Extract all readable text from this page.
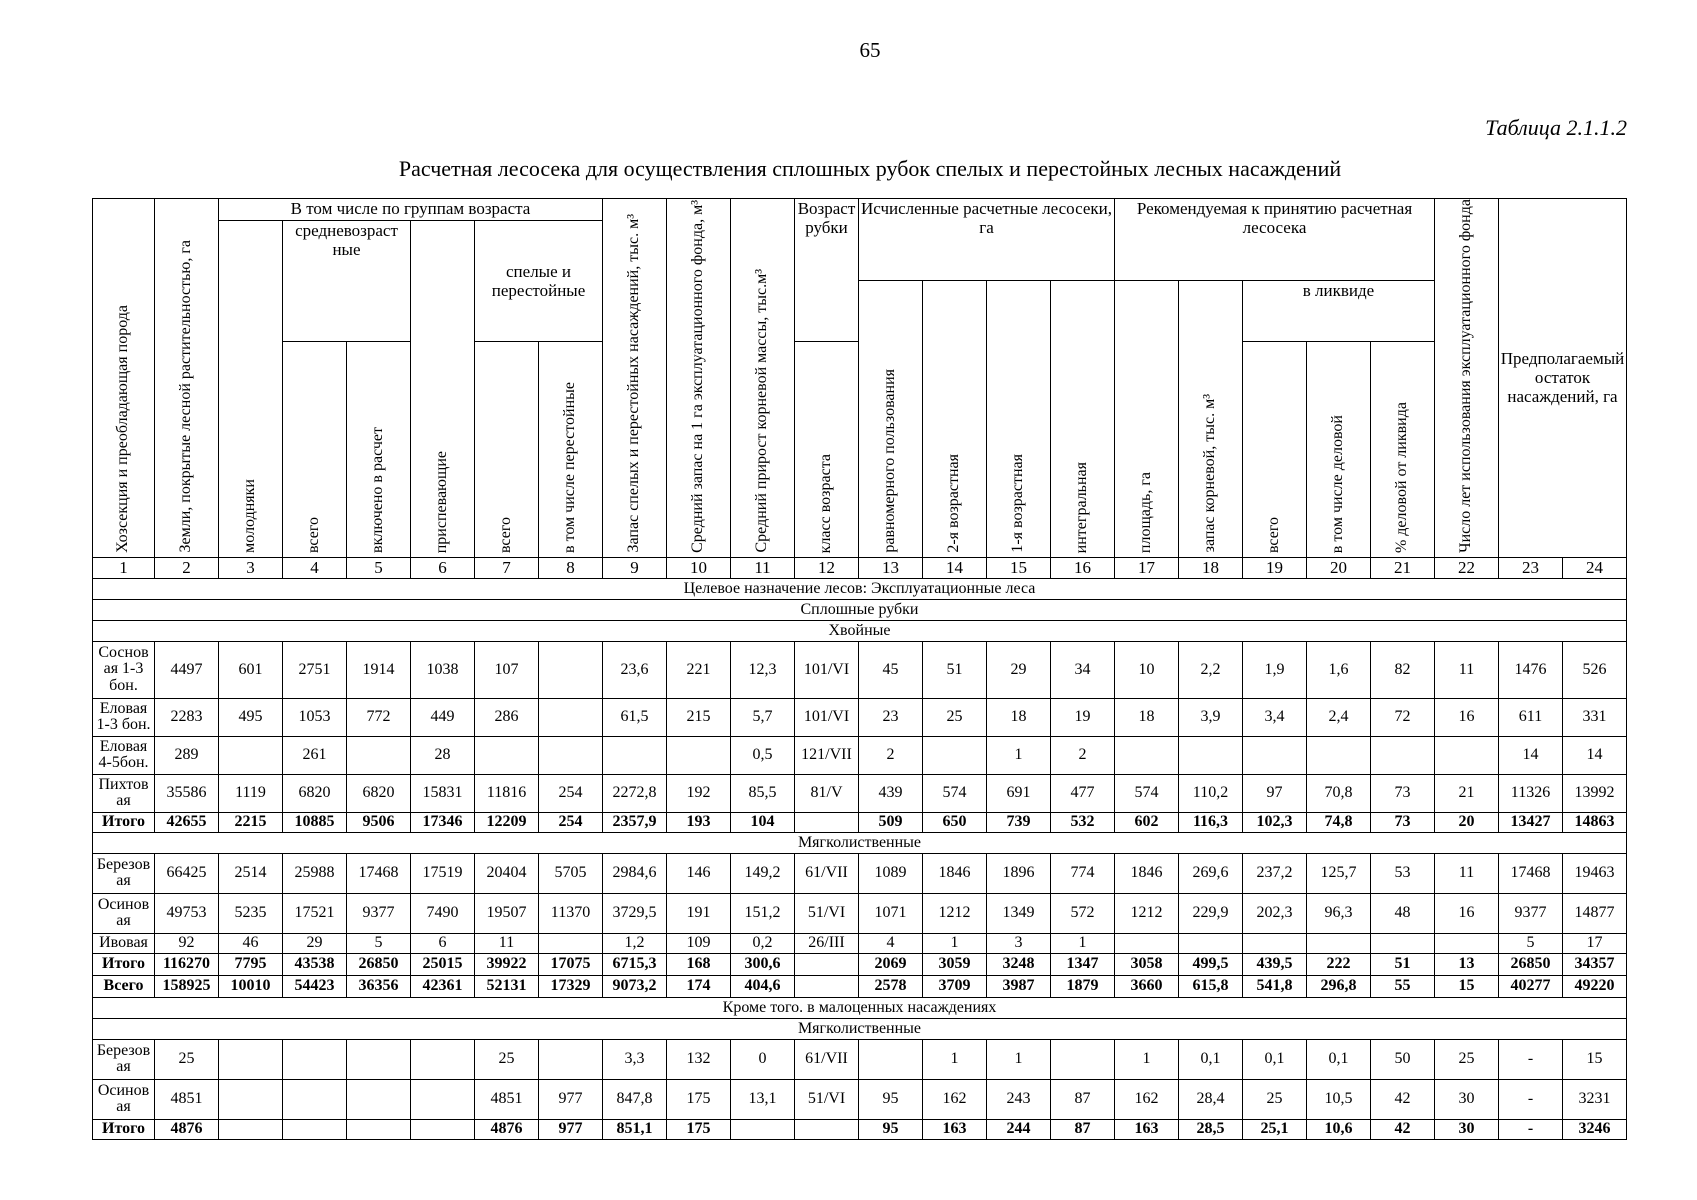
65
Таблица 2.1.1.2
Расчетная лесосека для осуществления сплошных рубок спелых и перестойных лесных насаждений
Хозсекция и преобладающая порода	Земли, покрытые лесной растительностью, га	В том числе по группам возраста						Запас спелых и перестойных насаждений, тыс. м³	Средний запас на 1 га эксплуатационного фонда, м³	Средний прирост корневой массы, тыс.м³	Возраст рубки	Исчисленные расчетные лесосеки, га				Рекомендуемая к принятию расчетная лесосека					Число лет использования эксплуатационного фонда	Предполагаемый остаток насаждений, га	
		молодняки	средневозраст ные		приспевающие	спелые и перестойные																	
												равномерного пользования	2-я возрастная	1-я возрастная	интегральная	площадь, га	запас корневой, тыс. м³	в ликвиде					
			всего	включено в расчет		всего	в том числе перестойные				класс возраста							всего	в том числе деловой	% деловой от ликвида			

1	2	3	4	5	6	7	8	9	10	11	12	13	14	15	16	17	18	19	20	21	22	23	24
Целевое назначение лесов: Эксплуатационные леса																							
Сплошные рубки																							
Хвойные																							
Соснов ая 1-3 бон.	4497	601	2751	1914	1038	107		23,6	221	12,3	101/VI	45	51	29	34	10	2,2	1,9	1,6	82	11	1476	526
Еловая 1-3 бон.	2283	495	1053	772	449	286		61,5	215	5,7	101/VI	23	25	18	19	18	3,9	3,4	2,4	72	16	611	331
Еловая 4-5бон.	289		261		28					0,5	121/VII	2		1	2							14	14
Пихтов ая	35586	1119	6820	6820	15831	11816	254	2272,8	192	85,5	81/V	439	574	691	477	574	110,2	97	70,8	73	21	11326	13992
Итого	42655	2215	10885	9506	17346	12209	254	2357,9	193	104		509	650	739	532	602	116,3	102,3	74,8	73	20	13427	14863
Мягколиственные																							
Березов ая	66425	2514	25988	17468	17519	20404	5705	2984,6	146	149,2	61/VII	1089	1846	1896	774	1846	269,6	237,2	125,7	53	11	17468	19463
Осинов ая	49753	5235	17521	9377	7490	19507	11370	3729,5	191	151,2	51/VI	1071	1212	1349	572	1212	229,9	202,3	96,3	48	16	9377	14877
Ивовая	92	46	29	5	6	11		1,2	109	0,2	26/III	4	1	3	1							5	17
Итого	116270	7795	43538	26850	25015	39922	17075	6715,3	168	300,6		2069	3059	3248	1347	3058	499,5	439,5	222	51	13	26850	34357
Всего	158925	10010	54423	36356	42361	52131	17329	9073,2	174	404,6		2578	3709	3987	1879	3660	615,8	541,8	296,8	55	15	40277	49220
Кроме того. в малоценных насаждениях																							
Мягколиственные																							
Березов ая	25					25		3,3	132	0	61/VII		1	1		1	0,1	0,1	0,1	50	25	-	15
Осинов ая	4851					4851	977	847,8	175	13,1	51/VI	95	162	243	87	162	28,4	25	10,5	42	30	-	3231
Итого	4876					4876	977	851,1	175			95	163	244	87	163	28,5	25,1	10,6	42	30	-	3246
